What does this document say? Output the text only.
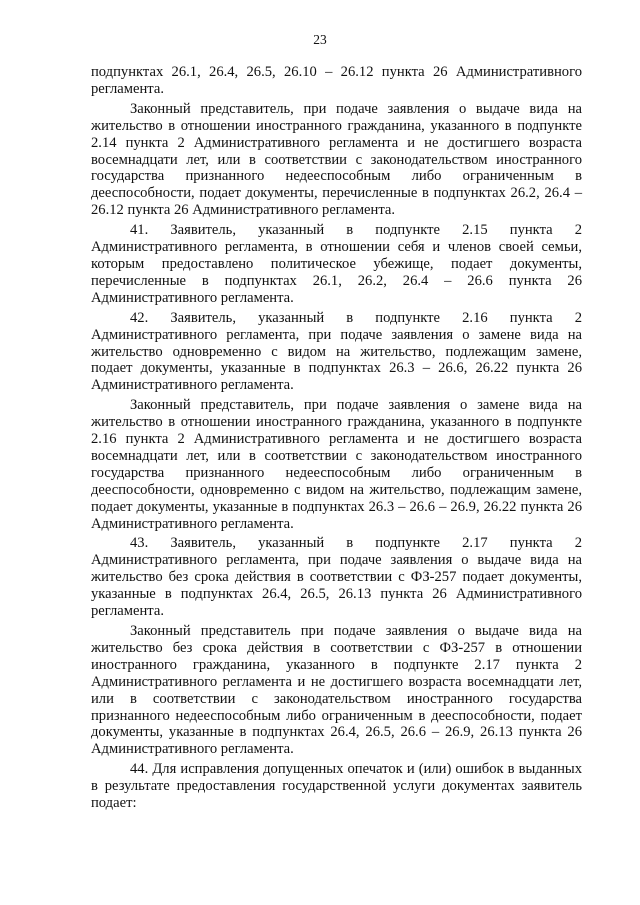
23

подпунктах 26.1, 26.4, 26.5, 26.10 – 26.12 пункта 26 Административного регламента.

Законный представитель, при подаче заявления о выдаче вида на жительство в отношении иностранного гражданина, указанного в подпункте 2.14 пункта 2 Административного регламента и не достигшего возраста восемнадцати лет, или в соответствии с законодательством иностранного государства признанного недееспособным либо ограниченным в дееспособности, подает документы, перечисленные в подпунктах 26.2, 26.4 – 26.12 пункта 26 Административного регламента.

41. Заявитель, указанный в подпункте 2.15 пункта 2 Административного регламента, в отношении себя и членов своей семьи, которым предоставлено политическое убежище, подает документы, перечисленные в подпунктах 26.1, 26.2, 26.4 – 26.6 пункта 26 Административного регламента.

42. Заявитель, указанный в подпункте 2.16 пункта 2 Административного регламента, при подаче заявления о замене вида на жительство одновременно с видом на жительство, подлежащим замене, подает документы, указанные в подпунктах 26.3 – 26.6, 26.22 пункта 26 Административного регламента.

Законный представитель, при подаче заявления о замене вида на жительство в отношении иностранного гражданина, указанного в подпункте 2.16 пункта 2 Административного регламента и не достигшего возраста восемнадцати лет, или в соответствии с законодательством иностранного государства признанного недееспособным либо ограниченным в дееспособности, одновременно с видом на жительство, подлежащим замене, подает документы, указанные в подпунктах 26.3 – 26.6 – 26.9, 26.22 пункта 26 Административного регламента.

43. Заявитель, указанный в подпункте 2.17 пункта 2 Административного регламента, при подаче заявления о выдаче вида на жительство без срока действия в соответствии с ФЗ-257 подает документы, указанные в подпунктах 26.4, 26.5, 26.13 пункта 26 Административного регламента.

Законный представитель при подаче заявления о выдаче вида на жительство без срока действия в соответствии с ФЗ-257 в отношении иностранного гражданина, указанного в подпункте 2.17 пункта 2 Административного регламента и не достигшего возраста восемнадцати лет, или в соответствии с законодательством иностранного государства признанного недееспособным либо ограниченным в дееспособности, подает документы, указанные в подпунктах 26.4, 26.5, 26.6 – 26.9, 26.13 пункта 26 Административного регламента.

44. Для исправления допущенных опечаток и (или) ошибок в выданных в результате предоставления государственной услуги документах заявитель подает:
